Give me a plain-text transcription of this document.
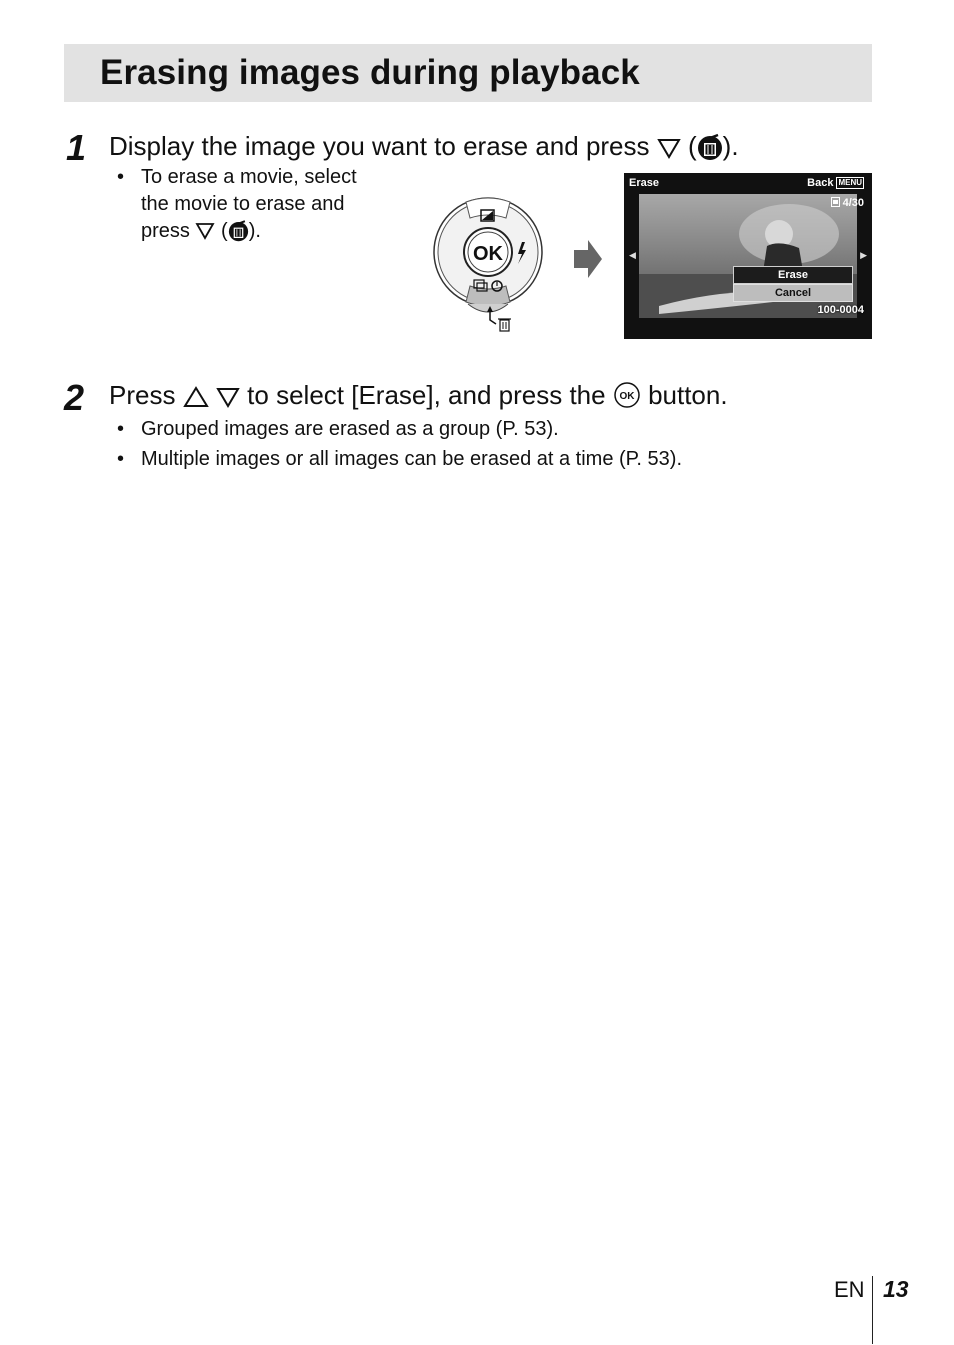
Erasing images during playback
1 Display the image you want to erase and press ( ).
• To erase a movie, select
the movie to erase and
press ( ).
OK
Erase	Back MENU
4/30
◀	▶
Erase
Cancel
100-0004
2 Press	to select [Erase], and press the OK button.
• Grouped images are erased as a group (P. 53).
• Multiple images or all images can be erased at a time (P. 53).
EN 13
